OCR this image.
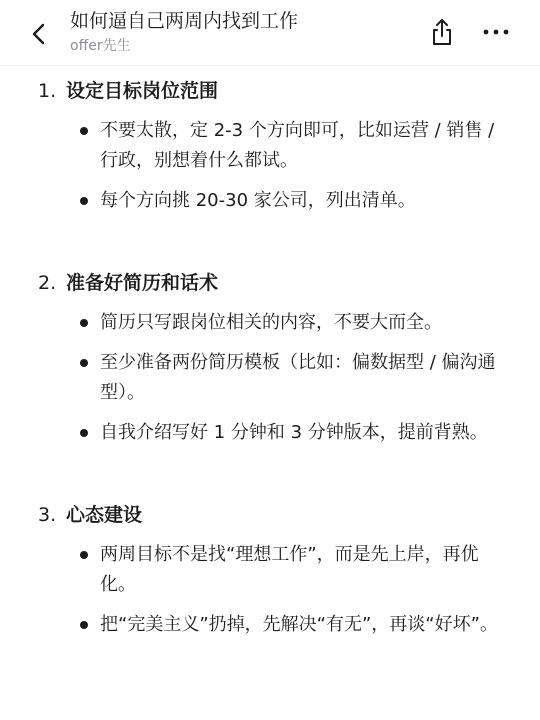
如何逼自己两周内找到工作
offer先生
1. 设定目标岗位范围
不要太散，定 2-3 个方向即可，比如运营 / 销售 / 行政，别想着什么都试。
每个方向挑 20-30 家公司，列出清单。
2. 准备好简历和话术
简历只写跟岗位相关的内容，不要大而全。
至少准备两份简历模板（比如：偏数据型 / 偏沟通型）。
自我介绍写好 1 分钟和 3 分钟版本，提前背熟。
3. 心态建设
两周目标不是找“理想工作”，而是先上岸，再优化。
把“完美主义”扔掉，先解决“有无”，再谈“好坏”。
